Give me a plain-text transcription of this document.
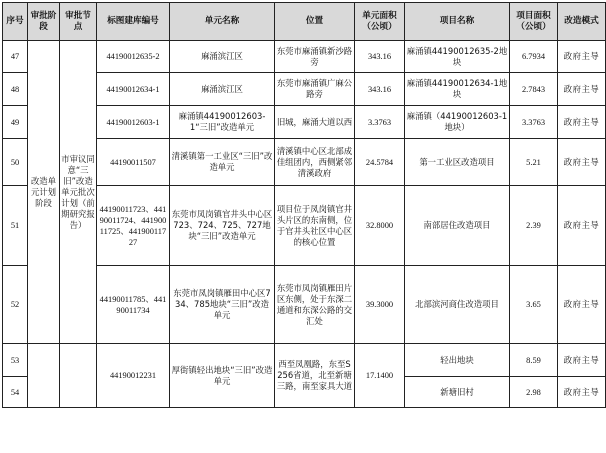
序号	审批阶段	审批节点	标图建库编号	单元名称	位置	单元面积（公顷）	项目名称	项目面积（公顷）	改造模式
47	改造单元计划阶段	市审议同意“三旧”改造单元批次计划（前期研究报告）	44190012635-2	麻涌滨江区	东莞市麻涌镇新沙路旁	343.16	麻涌镇44190012635-2地块	6.7934	政府主导
48			44190012634-1	麻涌滨江区	东莞市麻涌镇广麻公路旁	343.16	麻涌镇44190012634-1地块	2.7843	政府主导
49			44190012603-1	麻涌镇44190012603-1“三旧”改造单元	旧城，麻涌大道以西	3.3763	麻涌镇（44190012603-1地块）	3.3763	政府主导
50			44190011507	清溪镇第一工业区“三旧”改造单元	清溪镇中心区北部成佳组团内，西侧紧邻清溪政府	24.5784	第一工业区改造项目	5.21	政府主导
51			44190011723、44190011724、44190011725、44190011727	东莞市凤岗镇官井头中心区723、724、725、727地块“三旧”改造单元	项目位于凤岗镇官井头片区的东南侧，位于官井头社区中心区的核心位置	32.8000	南部居住改造项目	2.39	政府主导
52			44190011785、44190011734	东莞市凤岗镇雁田中心区734、785地块“三旧”改造单元	东莞市凤岗镇雁田片区东侧，处于东深二通道和东深公路的交汇处	39.3000	北部滨河商住改造项目	3.65	政府主导
53			44190012231	厚街镇轻出地块“三旧”改造单元	西至凤凰路，东至S256省道，北至新塘三路，南至家具大道	17.1400	轻出地块	8.59	政府主导
54							新塘旧村	2.98	政府主导
